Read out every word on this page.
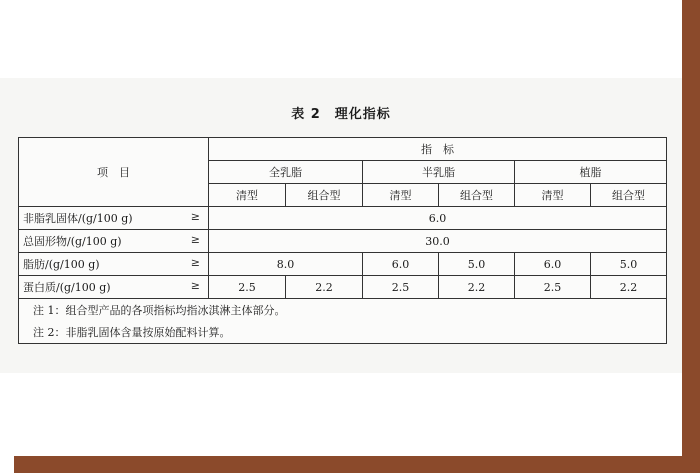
表 2　理化指标
项　目	指　标					
	全乳脂		半乳脂		植脂	
	清型	组合型	清型	组合型	清型	组合型

非脂乳固体/(g/100 g) ≥	6.0					

总固形物/(g/100 g) ≥	30.0					

脂肪/(g/100 g) ≥	8.0		6.0	5.0	6.0	5.0

蛋白质/(g/100 g) ≥	2.5	2.2	2.5	2.2	2.5	2.2
注 1：组合型产品的各项指标均指冰淇淋主体部分。						
注 2：非脂乳固体含量按原始配料计算。						
